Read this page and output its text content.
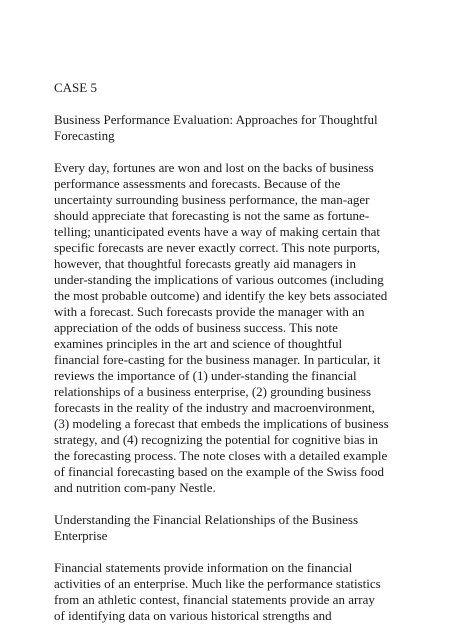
CASE 5
Business Performance Evaluation: Approaches for Thoughtful
Forecasting
Every day, fortunes are won and lost on the backs of business
performance assessments and forecasts. Because of the
uncertainty surrounding business performance, the man-ager
should appreciate that forecasting is not the same as fortune-
telling; unanticipated events have a way of making certain that
specific forecasts are never exactly correct. This note purports,
however, that thoughtful forecasts greatly aid managers in
under-standing the implications of various outcomes (including
the most probable outcome) and identify the key bets associated
with a forecast. Such forecasts provide the manager with an
appreciation of the odds of business success. This note
examines principles in the art and science of thoughtful
financial fore-casting for the business manager. In particular, it
reviews the importance of (1) under-standing the financial
relationships of a business enterprise, (2) grounding business
forecasts in the reality of the industry and macroenvironment,
(3) modeling a forecast that embeds the implications of business
strategy, and (4) recognizing the potential for cognitive bias in
the forecasting process. The note closes with a detailed example
of financial forecasting based on the example of the Swiss food
and nutrition com-pany Nestle.
Understanding the Financial Relationships of the Business
Enterprise
Financial statements provide information on the financial
activities of an enterprise. Much like the performance statistics
from an athletic contest, financial statements provide an array
of identifying data on various historical strengths and
